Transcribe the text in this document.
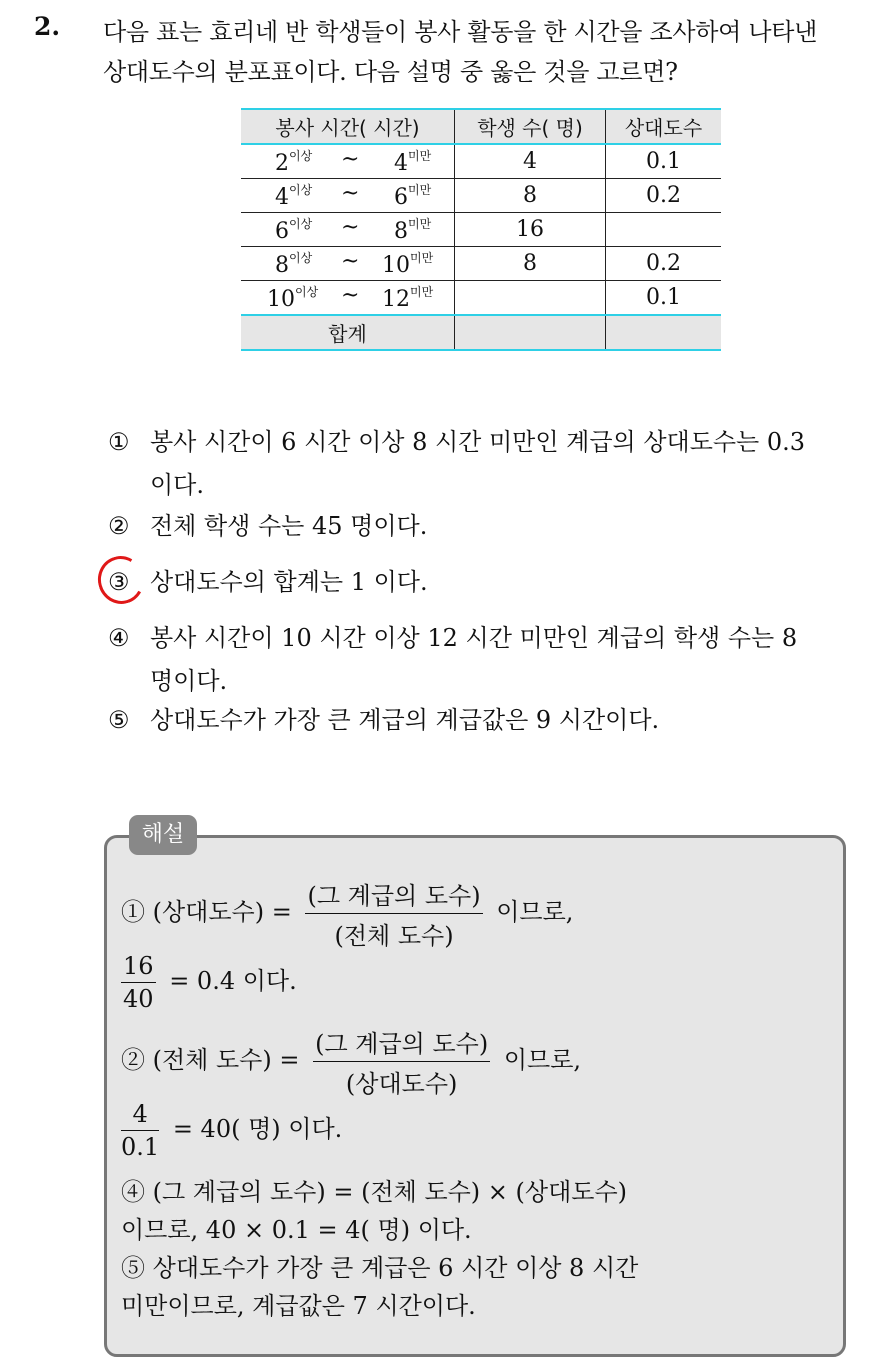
2. 다음 표는 효리네 반 학생들이 봉사 활동을 한 시간을 조사하여 나타낸
상대도수의 분포표이다. 다음 설명 중 옳은 것을 고르면?
봉사 시간( 시간)	학생 수( 명)	상대도수

$2^{이상}$ ~ $4^{미만}$	4	0.1

$4^{이상}$ ~ $6^{미만}$	8	0.2

$6^{이상}$ ~ $8^{미만}$	16	

$8^{이상}$ ~ $10^{미만}$	8	0.2

$10^{이상}$ ~ $12^{미만}$		0.1
합계		
① 봉사 시간이 6 시간 이상 8 시간 미만인 계급의 상대도수는 0.3
이다.
② 전체 학생 수는 45 명이다.
③ 상대도수의 합계는 1 이다.
④ 봉사 시간이 10 시간 이상 12 시간 미만인 계급의 학생 수는 8
명이다.
⑤ 상대도수가 가장 큰 계급의 계급값은 9 시간이다.
해설
① (상대도수) = $\frac{\text{(그 계급의 도수)}}{\text{(전체 도수)}}$ 이므로,
$\frac{16}{40} = 0.4$ 이다.
② (전체 도수) = $\frac{\text{(그 계급의 도수)}}{\text{(상대도수)}}$ 이므로,
$\frac{4}{0.1} = 40$( 명) 이다.
④ (그 계급의 도수) = (전체 도수) × (상대도수)
이므로, 40 × 0.1 = 4( 명) 이다.
⑤ 상대도수가 가장 큰 계급은 6 시간 이상 8 시간
미만이므로, 계급값은 7 시간이다.
